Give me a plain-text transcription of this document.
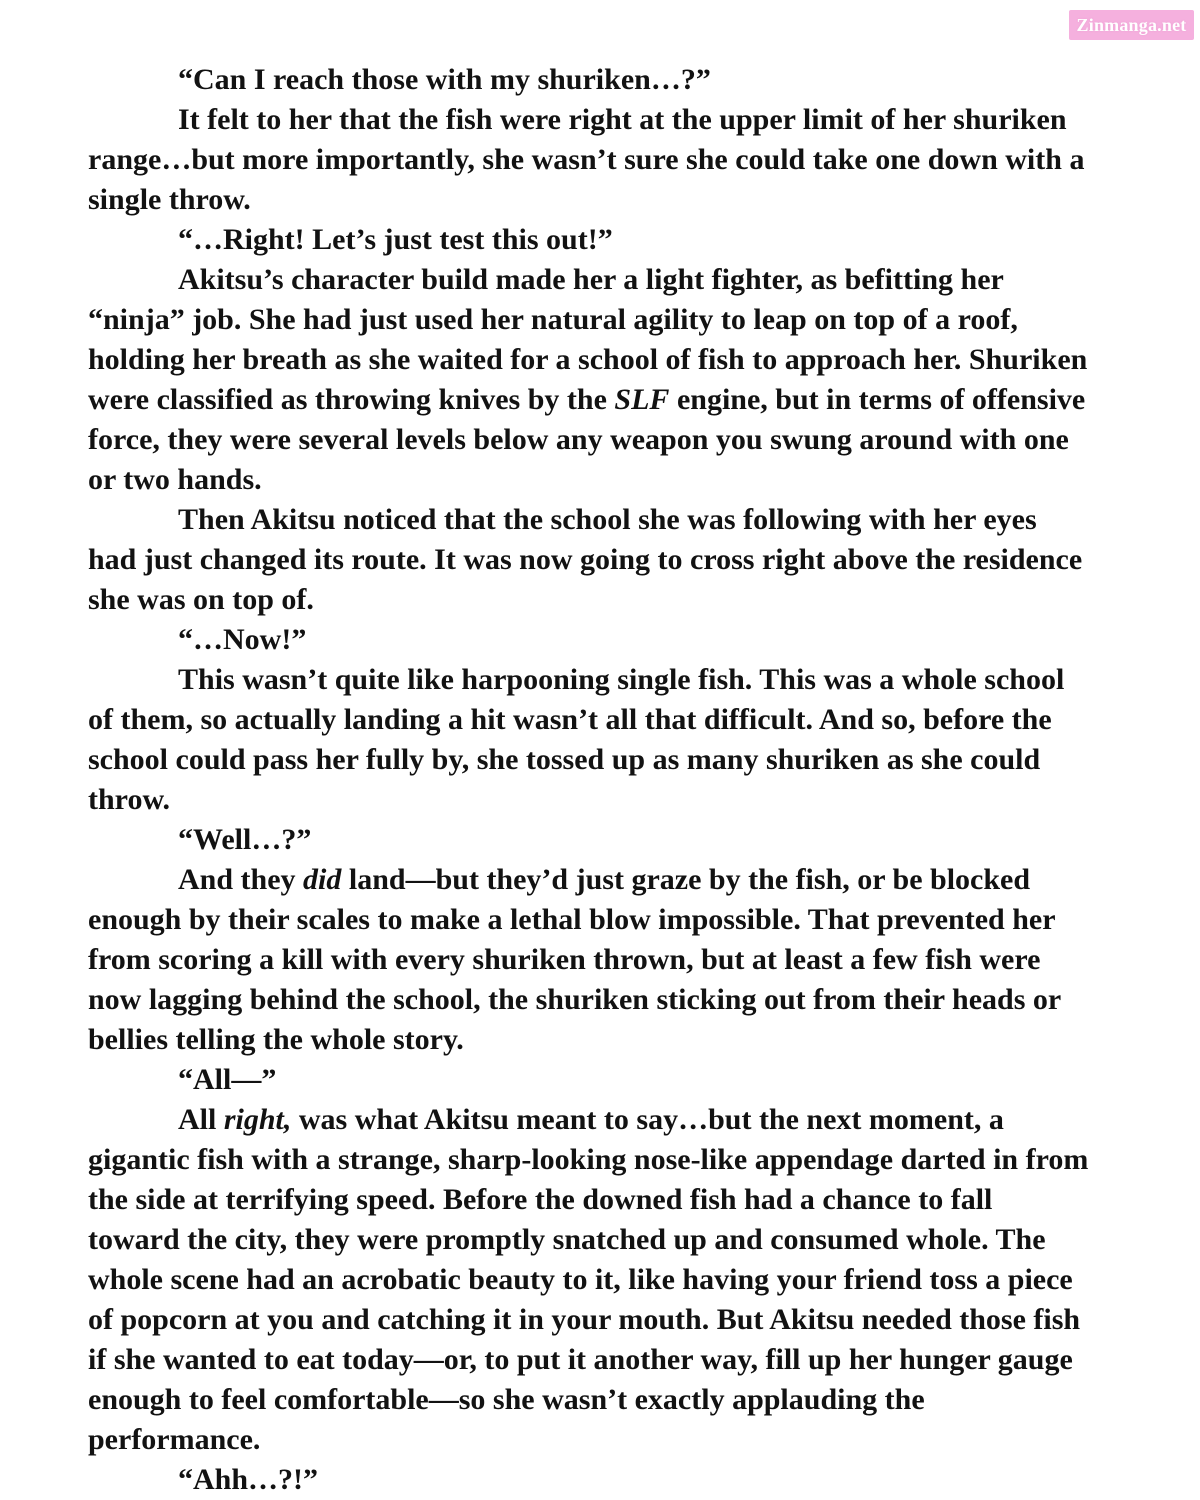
Zinmanga.net

“Can I reach those with my shuriken…?”

It felt to her that the fish were right at the upper limit of her shuriken range…but more importantly, she wasn’t sure she could take one down with a single throw.

“…Right! Let’s just test this out!”

Akitsu’s character build made her a light fighter, as befitting her “ninja” job. She had just used her natural agility to leap on top of a roof, holding her breath as she waited for a school of fish to approach her. Shuriken were classified as throwing knives by the SLF engine, but in terms of offensive force, they were several levels below any weapon you swung around with one or two hands.

Then Akitsu noticed that the school she was following with her eyes had just changed its route. It was now going to cross right above the residence she was on top of.

“…Now!”

This wasn’t quite like harpooning single fish. This was a whole school of them, so actually landing a hit wasn’t all that difficult. And so, before the school could pass her fully by, she tossed up as many shuriken as she could throw.

“Well…?”

And they did land—but they’d just graze by the fish, or be blocked enough by their scales to make a lethal blow impossible. That prevented her from scoring a kill with every shuriken thrown, but at least a few fish were now lagging behind the school, the shuriken sticking out from their heads or bellies telling the whole story.

“All—”

All right, was what Akitsu meant to say…but the next moment, a gigantic fish with a strange, sharp-looking nose-like appendage darted in from the side at terrifying speed. Before the downed fish had a chance to fall toward the city, they were promptly snatched up and consumed whole. The whole scene had an acrobatic beauty to it, like having your friend toss a piece of popcorn at you and catching it in your mouth. But Akitsu needed those fish if she wanted to eat today—or, to put it another way, fill up her hunger gauge enough to feel comfortable—so she wasn’t exactly applauding the performance.

“Ahh…?!”
